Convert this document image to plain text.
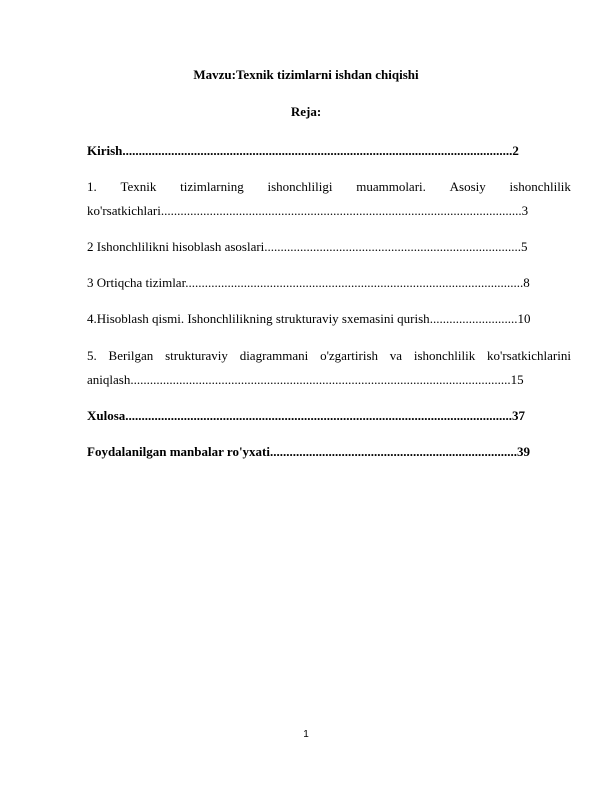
Mavzu:Texnik tizimlarni ishdan chiqishi
Reja:
Kirish........................................................................................................................2
1. Texnik tizimlarning ishonchliligi muammolari. Asosiy ishonchlilik
ko'rsatkichlari...............................................................................................................3
2 Ishonchlilikni hisoblash asoslari...............................................................................5
3 Ortiqcha tizimlar........................................................................................................8
4.Hisoblash qismi. Ishonchlilikning strukturaviy sxemasini qurish...........................10
5. Berilgan strukturaviy diagrammani o'zgartirish va ishonchlilik ko'rsatkichlarini
aniqlash.....................................................................................................................15
Xulosa.......................................................................................................................37
Foydalanilgan manbalar ro'yxati............................................................................39
1
